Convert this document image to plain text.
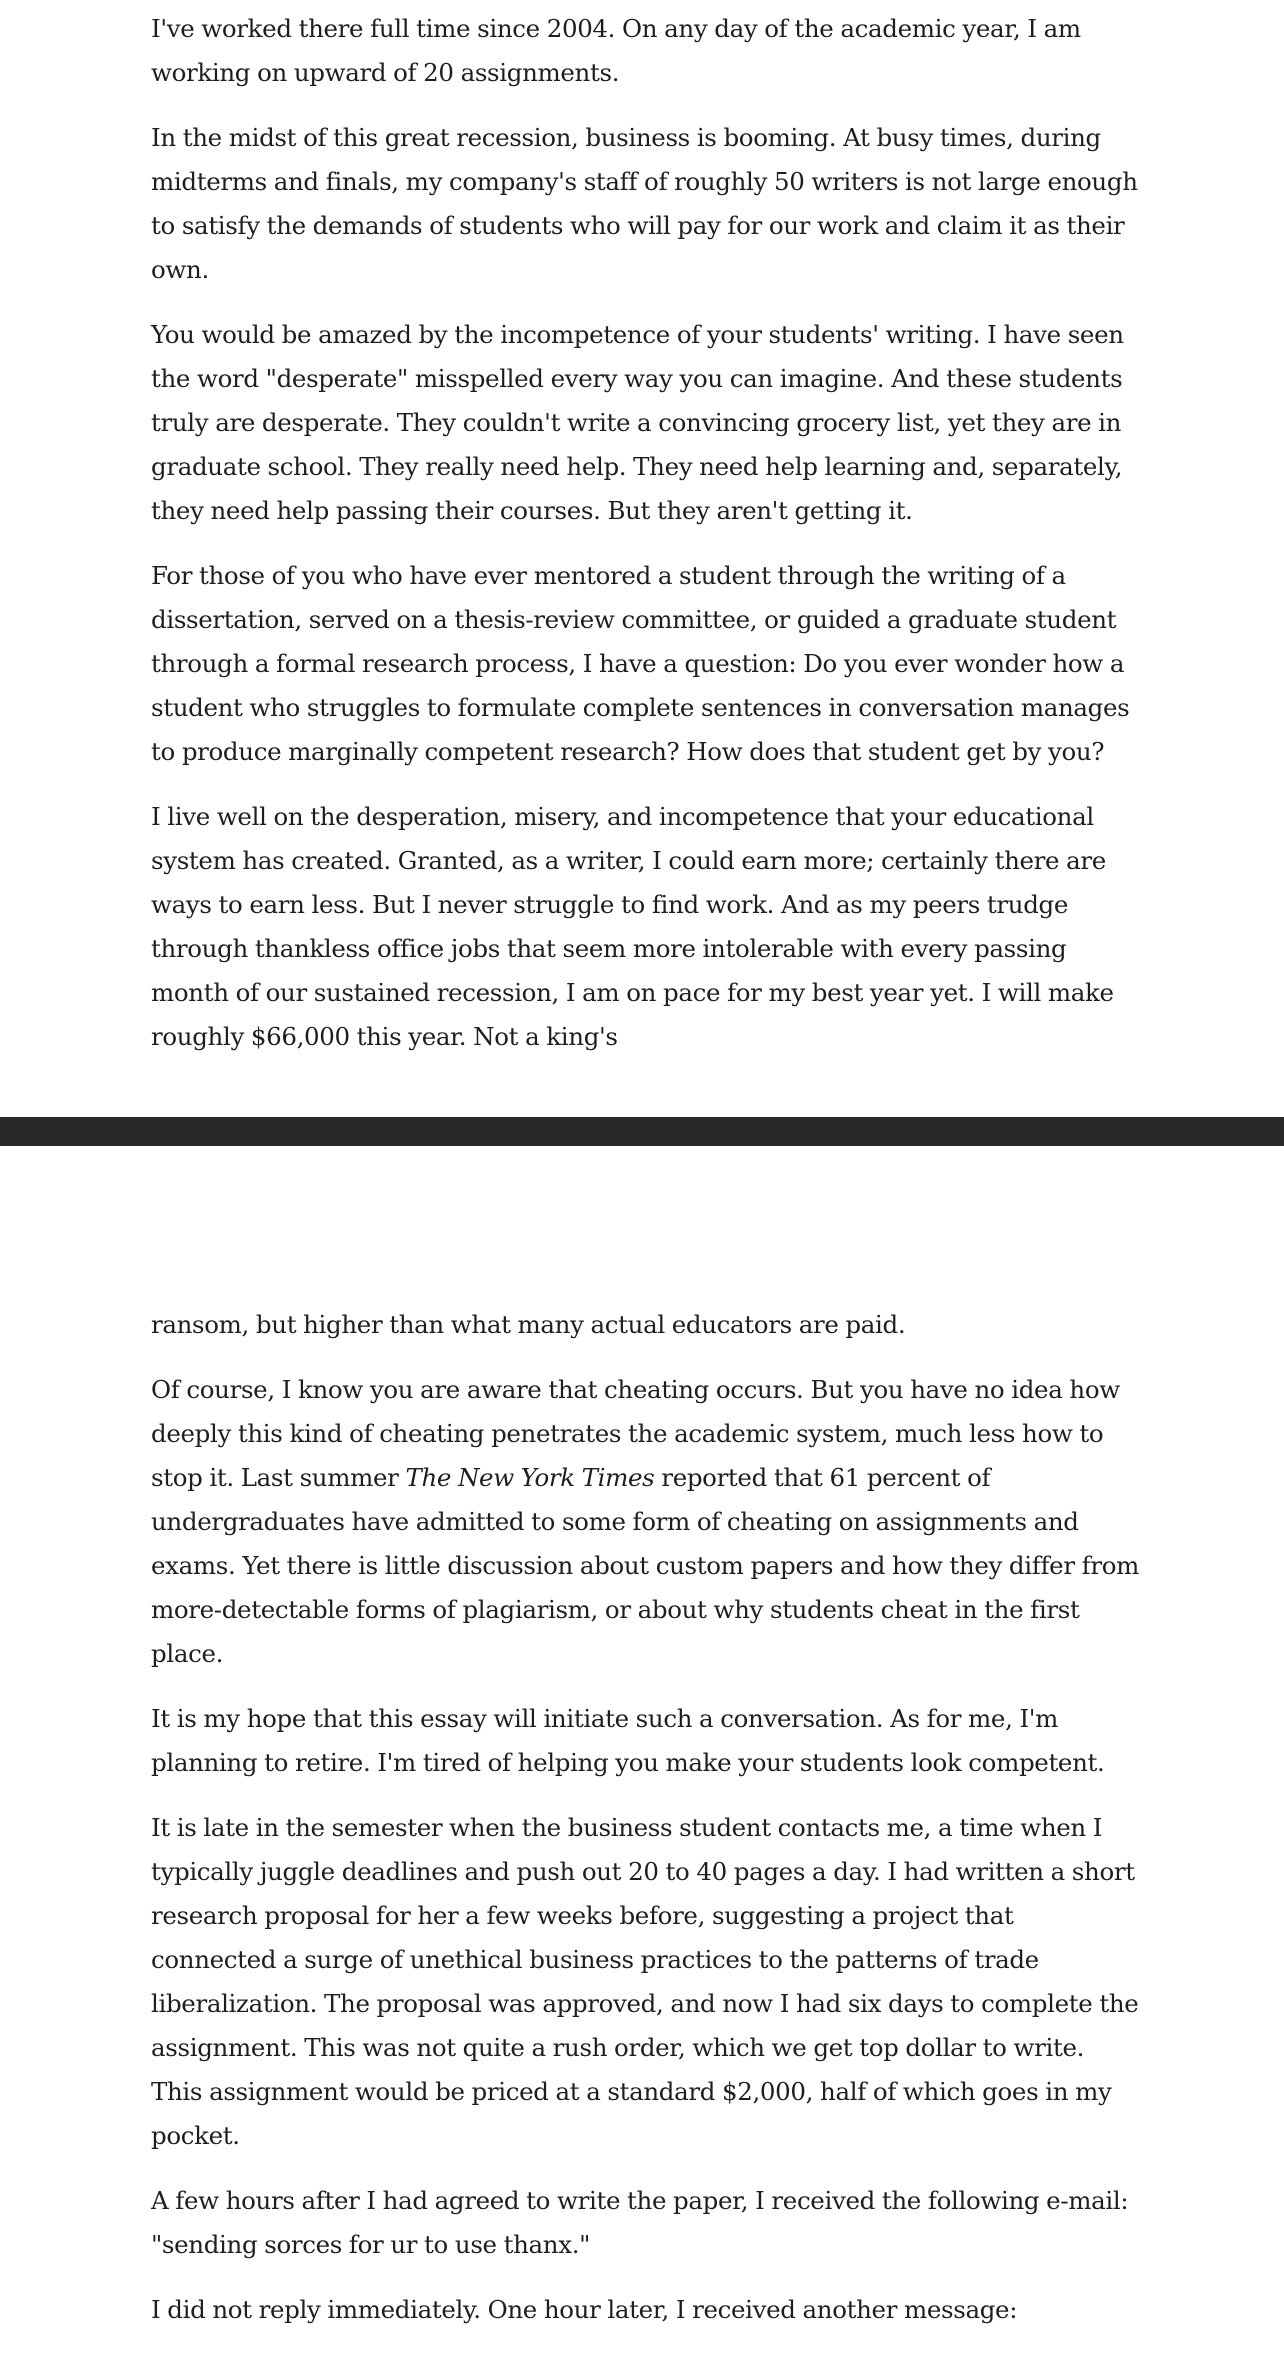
I've worked there full time since 2004. On any day of the academic year, I am working on upward of 20 assignments.

In the midst of this great recession, business is booming. At busy times, during midterms and finals, my company's staff of roughly 50 writers is not large enough to satisfy the demands of students who will pay for our work and claim it as their own.

You would be amazed by the incompetence of your students' writing. I have seen the word "desperate" misspelled every way you can imagine. And these students truly are desperate. They couldn't write a convincing grocery list, yet they are in graduate school. They really need help. They need help learning and, separately, they need help passing their courses. But they aren't getting it.

For those of you who have ever mentored a student through the writing of a dissertation, served on a thesis-review committee, or guided a graduate student through a formal research process, I have a question: Do you ever wonder how a student who struggles to formulate complete sentences in conversation manages to produce marginally competent research? How does that student get by you?

I live well on the desperation, misery, and incompetence that your educational system has created. Granted, as a writer, I could earn more; certainly there are ways to earn less. But I never struggle to find work. And as my peers trudge through thankless office jobs that seem more intolerable with every passing month of our sustained recession, I am on pace for my best year yet. I will make roughly $66,000 this year. Not a king's

ransom, but higher than what many actual educators are paid.

Of course, I know you are aware that cheating occurs. But you have no idea how deeply this kind of cheating penetrates the academic system, much less how to stop it. Last summer The New York Times reported that 61 percent of undergraduates have admitted to some form of cheating on assignments and exams. Yet there is little discussion about custom papers and how they differ from more-detectable forms of plagiarism, or about why students cheat in the first place.

It is my hope that this essay will initiate such a conversation. As for me, I'm planning to retire. I'm tired of helping you make your students look competent.

It is late in the semester when the business student contacts me, a time when I typically juggle deadlines and push out 20 to 40 pages a day. I had written a short research proposal for her a few weeks before, suggesting a project that connected a surge of unethical business practices to the patterns of trade liberalization. The proposal was approved, and now I had six days to complete the assignment. This was not quite a rush order, which we get top dollar to write. This assignment would be priced at a standard $2,000, half of which goes in my pocket.

A few hours after I had agreed to write the paper, I received the following e-mail: "sending sorces for ur to use thanx."

I did not reply immediately. One hour later, I received another message:
